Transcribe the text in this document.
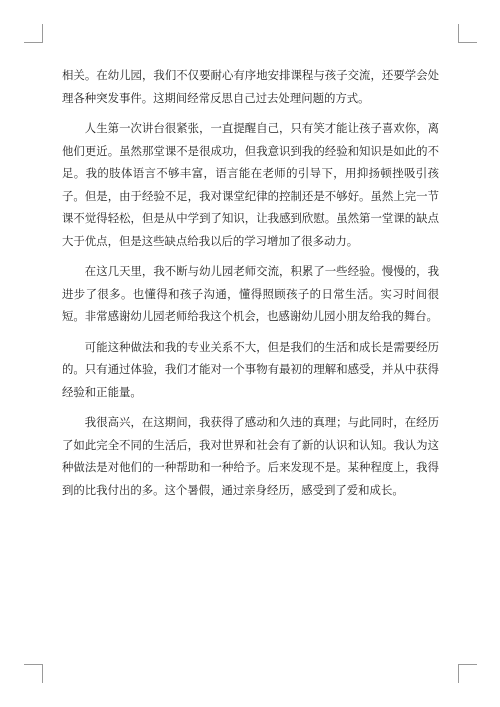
相关。在幼儿园，我们不仅要耐心有序地安排课程与孩子交流，还要学会处理各种突发事件。这期间经常反思自己过去处理问题的方式。

人生第一次讲台很紧张，一直提醒自己，只有笑才能让孩子喜欢你，离他们更近。虽然那堂课不是很成功，但我意识到我的经验和知识是如此的不足。我的肢体语言不够丰富，语言能在老师的引导下，用抑扬顿挫吸引孩子。但是，由于经验不足，我对课堂纪律的控制还是不够好。虽然上完一节课不觉得轻松，但是从中学到了知识，让我感到欣慰。虽然第一堂课的缺点大于优点，但是这些缺点给我以后的学习增加了很多动力。

在这几天里，我不断与幼儿园老师交流，积累了一些经验。慢慢的，我进步了很多。也懂得和孩子沟通，懂得照顾孩子的日常生活。实习时间很短。非常感谢幼儿园老师给我这个机会，也感谢幼儿园小朋友给我的舞台。

可能这种做法和我的专业关系不大，但是我们的生活和成长是需要经历的。只有通过体验，我们才能对一个事物有最初的理解和感受，并从中获得经验和正能量。

我很高兴，在这期间，我获得了感动和久违的真理；与此同时，在经历了如此完全不同的生活后，我对世界和社会有了新的认识和认知。我认为这种做法是对他们的一种帮助和一种给予。后来发现不是。某种程度上，我得到的比我付出的多。这个暑假，通过亲身经历，感受到了爱和成长。
